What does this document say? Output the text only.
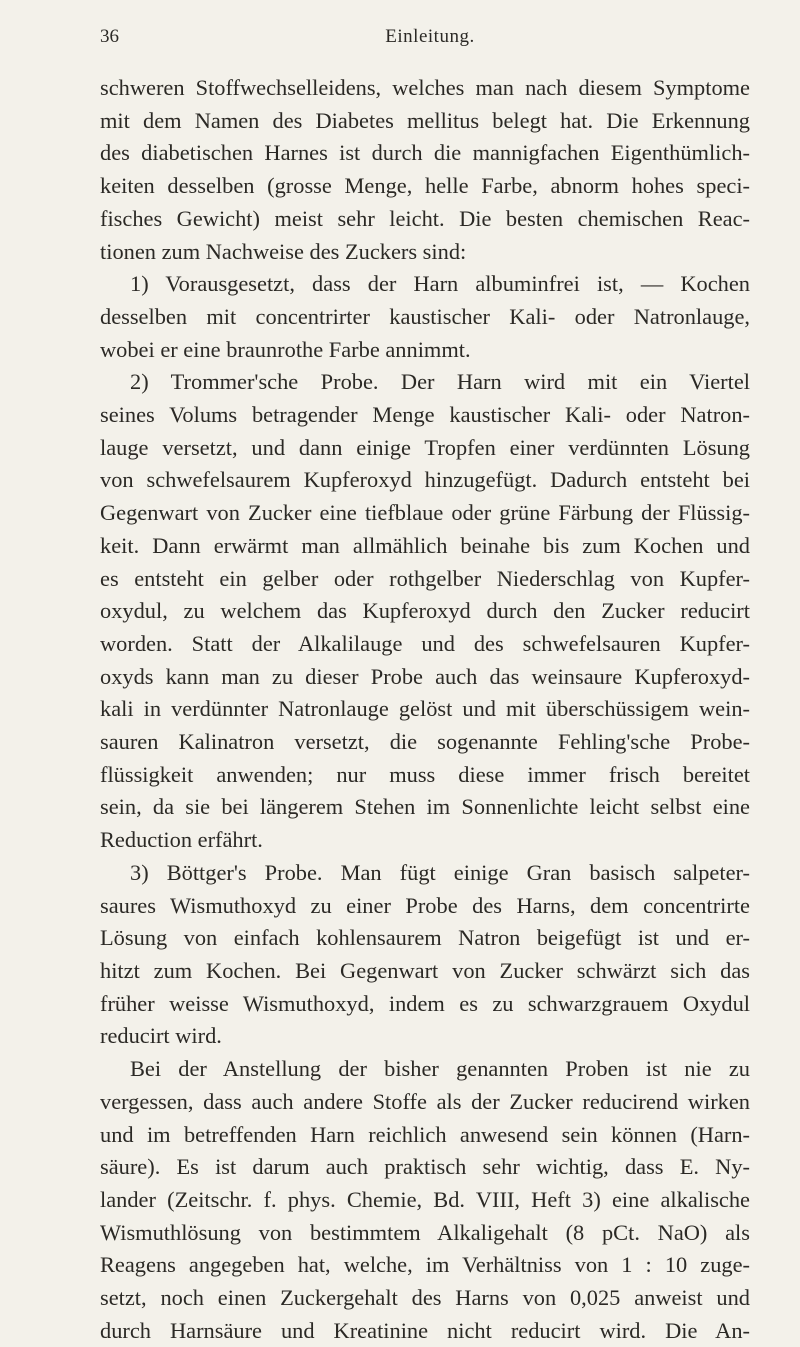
36	Einleitung.
schweren Stoffwechselleidens, welches man nach diesem Symptome
mit dem Namen des Diabetes mellitus belegt hat. Die Erkennung
des diabetischen Harnes ist durch die mannigfachen Eigenthümlich-
keiten desselben (grosse Menge, helle Farbe, abnorm hohes speci-
fisches Gewicht) meist sehr leicht. Die besten chemischen Reac-
tionen zum Nachweise des Zuckers sind:
1) Vorausgesetzt, dass der Harn albuminfrei ist, — Kochen
desselben mit concentrirter kaustischer Kali- oder Natronlauge,
wobei er eine braunrothe Farbe annimmt.
2) Trommer'sche Probe. Der Harn wird mit ein Viertel
seines Volums betragender Menge kaustischer Kali- oder Natron-
lauge versetzt, und dann einige Tropfen einer verdünnten Lösung
von schwefelsaurem Kupferoxyd hinzugefügt. Dadurch entsteht bei
Gegenwart von Zucker eine tiefblaue oder grüne Färbung der Flüssig-
keit. Dann erwärmt man allmählich beinahe bis zum Kochen und
es entsteht ein gelber oder rothgelber Niederschlag von Kupfer-
oxydul, zu welchem das Kupferoxyd durch den Zucker reducirt
worden. Statt der Alkalilauge und des schwefelsauren Kupfer-
oxyds kann man zu dieser Probe auch das weinsaure Kupferoxyd-
kali in verdünnter Natronlauge gelöst und mit überschüssigem wein-
sauren Kalinatron versetzt, die sogenannte Fehling'sche Probe-
flüssigkeit anwenden; nur muss diese immer frisch bereitet
sein, da sie bei längerem Stehen im Sonnenlichte leicht selbst eine
Reduction erfährt.
3) Böttger's Probe. Man fügt einige Gran basisch salpeter-
saures Wismuthoxyd zu einer Probe des Harns, dem concentrirte
Lösung von einfach kohlensaurem Natron beigefügt ist und er-
hitzt zum Kochen. Bei Gegenwart von Zucker schwärzt sich das
früher weisse Wismuthoxyd, indem es zu schwarzgrauem Oxydul
reducirt wird.
Bei der Anstellung der bisher genannten Proben ist nie zu
vergessen, dass auch andere Stoffe als der Zucker reducirend wirken
und im betreffenden Harn reichlich anwesend sein können (Harn-
säure). Es ist darum auch praktisch sehr wichtig, dass E. Ny-
lander (Zeitschr. f. phys. Chemie, Bd. VIII, Heft 3) eine alkalische
Wismuthlösung von bestimmtem Alkaligehalt (8 pCt. NaO) als
Reagens angegeben hat, welche, im Verhältniss von 1 : 10 zuge-
setzt, noch einen Zuckergehalt des Harns von 0,025 anweist und
durch Harnsäure und Kreatinine nicht reducirt wird. Die An-
